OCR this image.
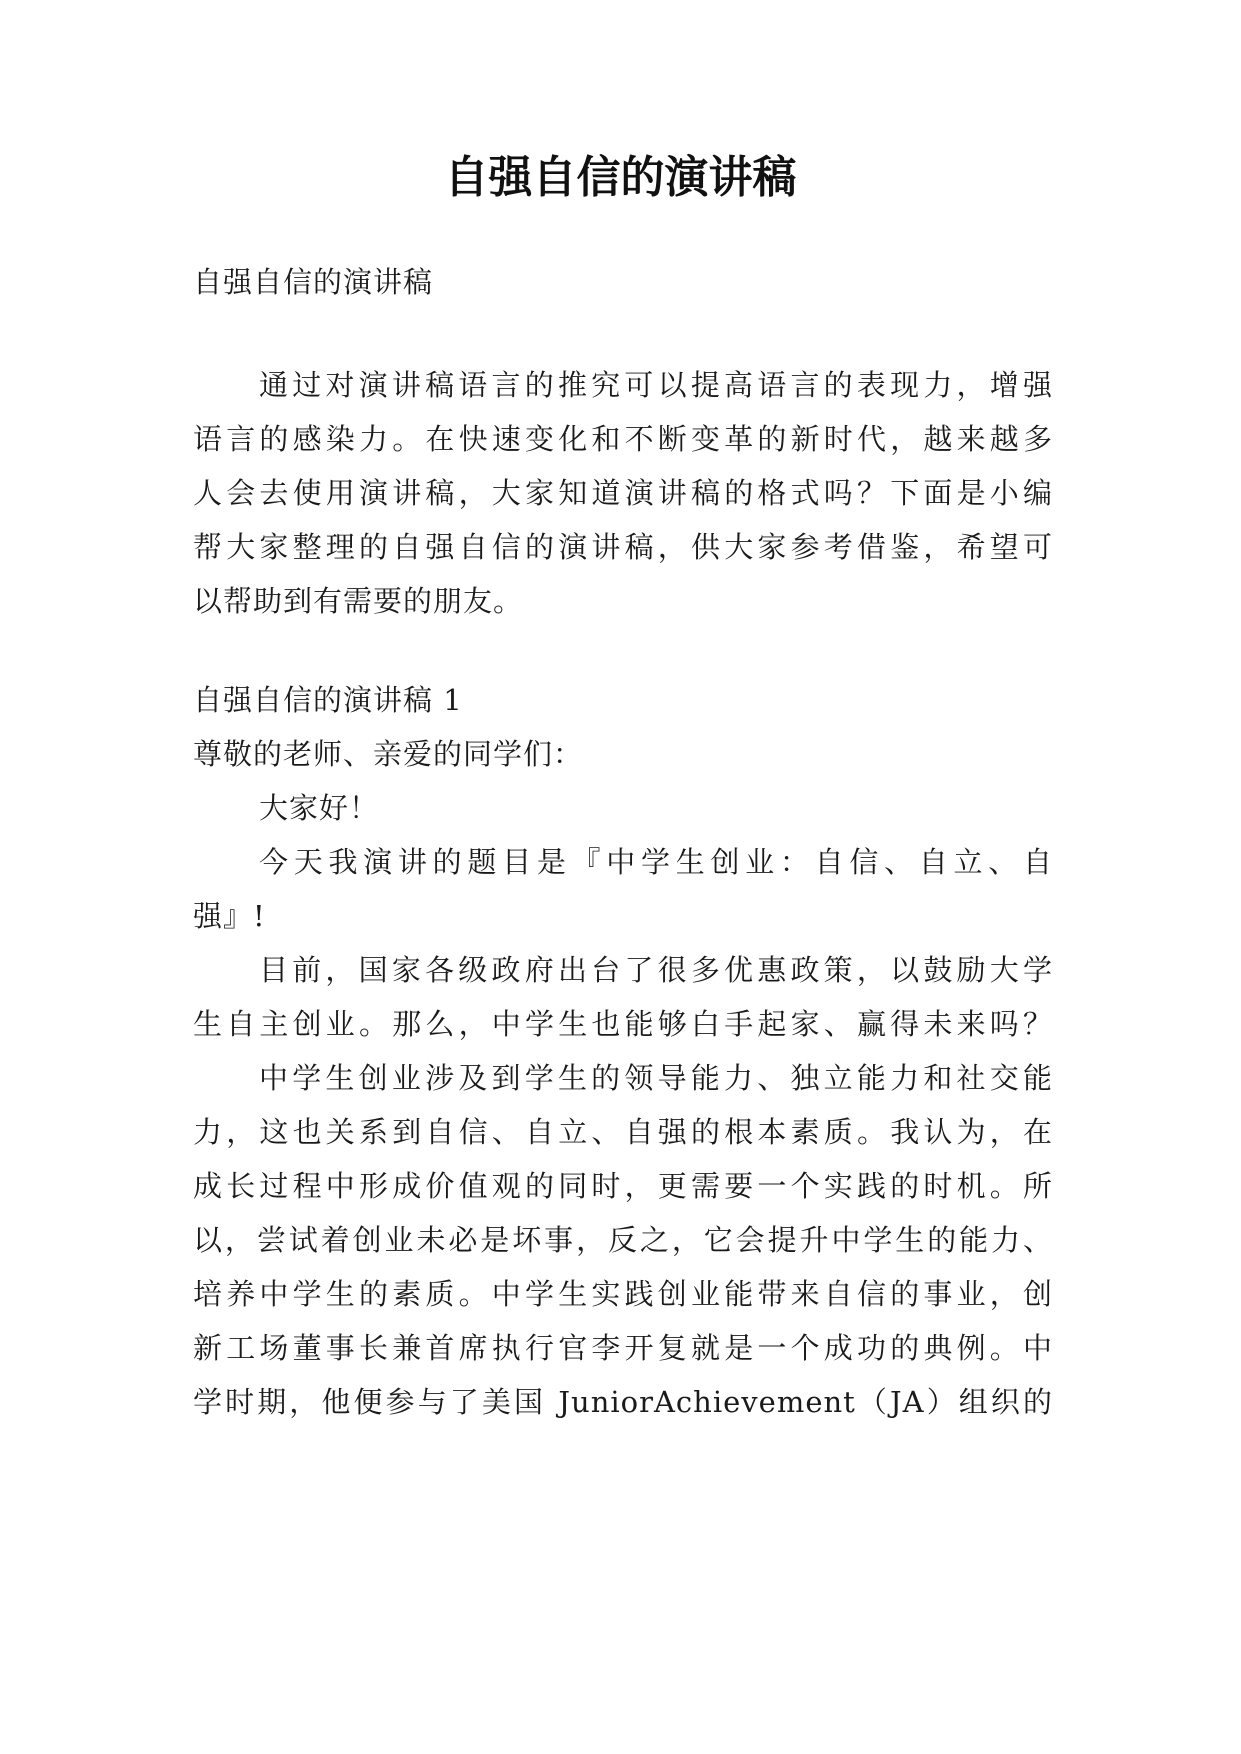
自强自信的演讲稿
自强自信的演讲稿
通过对演讲稿语言的推究可以提高语言的表现力，增强
语言的感染力。在快速变化和不断变革的新时代，越来越多
人会去使用演讲稿，大家知道演讲稿的格式吗？下面是小编
帮大家整理的自强自信的演讲稿，供大家参考借鉴，希望可
以帮助到有需要的朋友。
自强自信的演讲稿 1
尊敬的老师、亲爱的同学们：
大家好！
今天我演讲的题目是『中学生创业：自信、自立、自
强』!
目前，国家各级政府出台了很多优惠政策，以鼓励大学
生自主创业。那么，中学生也能够白手起家、赢得未来吗？
中学生创业涉及到学生的领导能力、独立能力和社交能
力，这也关系到自信、自立、自强的根本素质。我认为，在
成长过程中形成价值观的同时，更需要一个实践的时机。所
以，尝试着创业未必是坏事，反之，它会提升中学生的能力、
培养中学生的素质。中学生实践创业能带来自信的事业，创
新工场董事长兼首席执行官李开复就是一个成功的典例。中
学时期，他便参与了美国 JuniorAchievement（JA）组织的
